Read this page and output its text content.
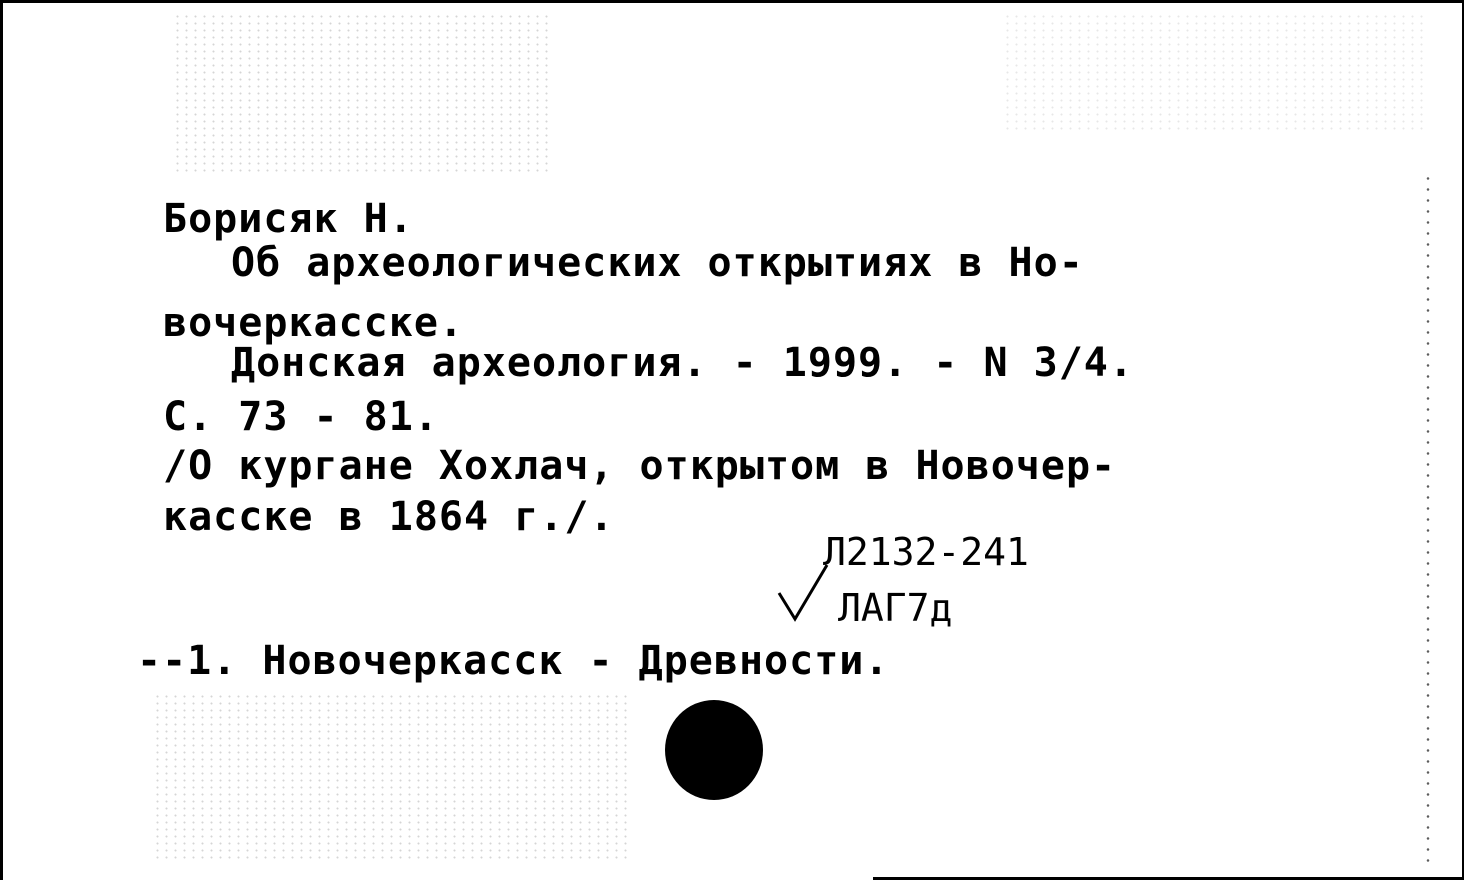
Борисяк Н.
Об археологических открытиях в Но-
вочеркасске.
Донская археология. - 1999. - N 3/4.
С. 73 - 81.
/О кургане Хохлач, открытом в Новочер-
касске в 1864 г./.
Л2132-241
ЛАГ7д
--1. Новочеркасск - Древности.
